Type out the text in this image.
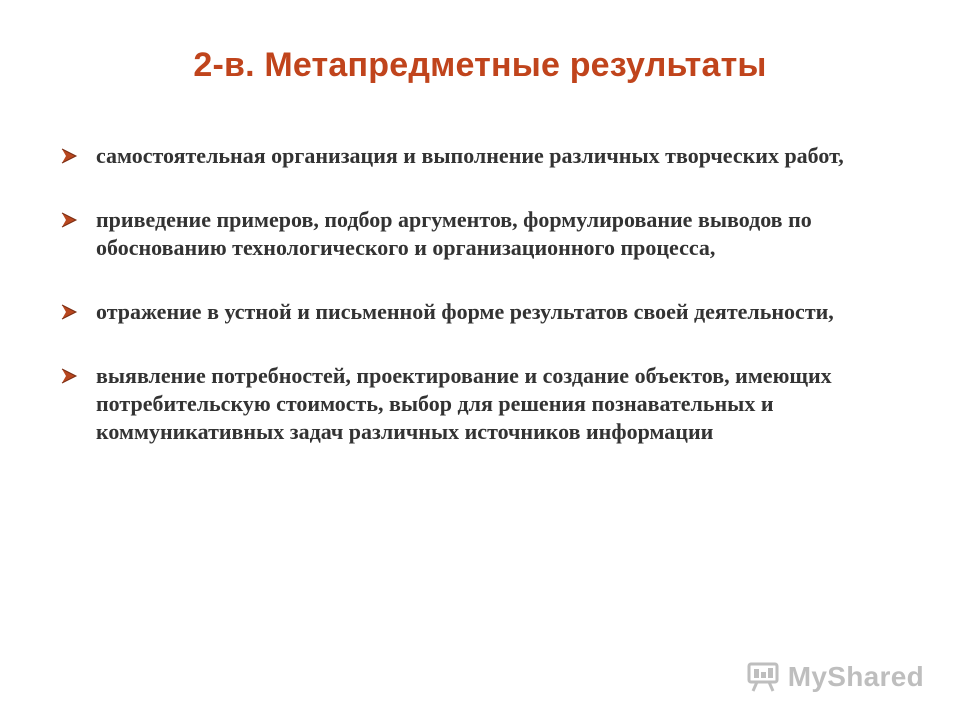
2-в. Метапредметные результаты
самостоятельная организация и выполнение различных творческих работ,
приведение примеров, подбор аргументов, формулирование выводов по обоснованию технологического и организационного процесса,
отражение в устной и письменной форме результатов своей деятельности,
выявление потребностей, проектирование и создание объектов, имеющих потребительскую стоимость, выбор для решения познавательных и коммуникативных задач различных источников информации
MyShared
